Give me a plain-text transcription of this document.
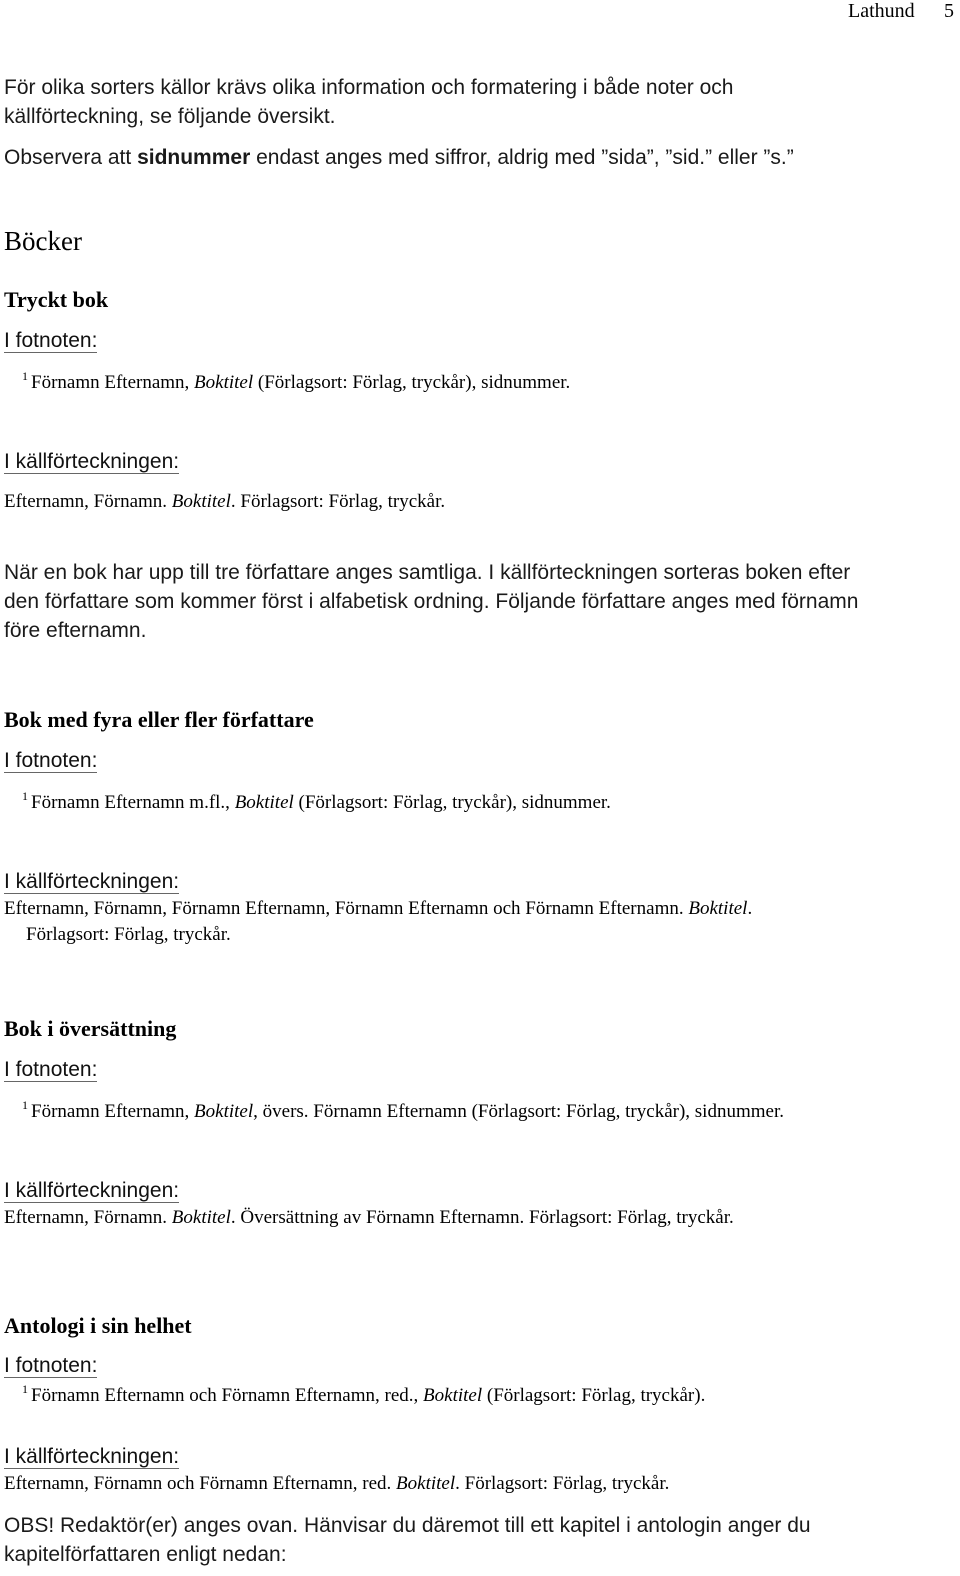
Lathund 5
För olika sorters källor krävs olika information och formatering i både noter och
källförteckning, se följande översikt.
Observera att sidnummer endast anges med siffror, aldrig med ”sida”, ”sid.” eller ”s.”
Böcker
Tryckt bok
I fotnoten:
$^1$ Förnamn Efternamn, Boktitel (Förlagsort: Förlag, tryckår), sidnummer.
I källförteckningen:
Efternamn, Förnamn. Boktitel. Förlagsort: Förlag, tryckår.
När en bok har upp till tre författare anges samtliga. I källförteckningen sorteras boken efter
den författare som kommer först i alfabetisk ordning. Följande författare anges med förnamn
före efternamn.
Bok med fyra eller fler författare
I fotnoten:
$^1$ Förnamn Efternamn m.fl., Boktitel (Förlagsort: Förlag, tryckår), sidnummer.
I källförteckningen:
Efternamn, Förnamn, Förnamn Efternamn, Förnamn Efternamn och Förnamn Efternamn. Boktitel.
Förlagsort: Förlag, tryckår.
Bok i översättning
I fotnoten:
$^1$ Förnamn Efternamn, Boktitel, övers. Förnamn Efternamn (Förlagsort: Förlag, tryckår), sidnummer.
I källförteckningen:
Efternamn, Förnamn. Boktitel. Översättning av Förnamn Efternamn. Förlagsort: Förlag, tryckår.
Antologi i sin helhet
I fotnoten:
$^1$ Förnamn Efternamn och Förnamn Efternamn, red., Boktitel (Förlagsort: Förlag, tryckår).
I källförteckningen:
Efternamn, Förnamn och Förnamn Efternamn, red. Boktitel. Förlagsort: Förlag, tryckår.
OBS! Redaktör(er) anges ovan. Hänvisar du däremot till ett kapitel i antologin anger du
kapitelförfattaren enligt nedan:
